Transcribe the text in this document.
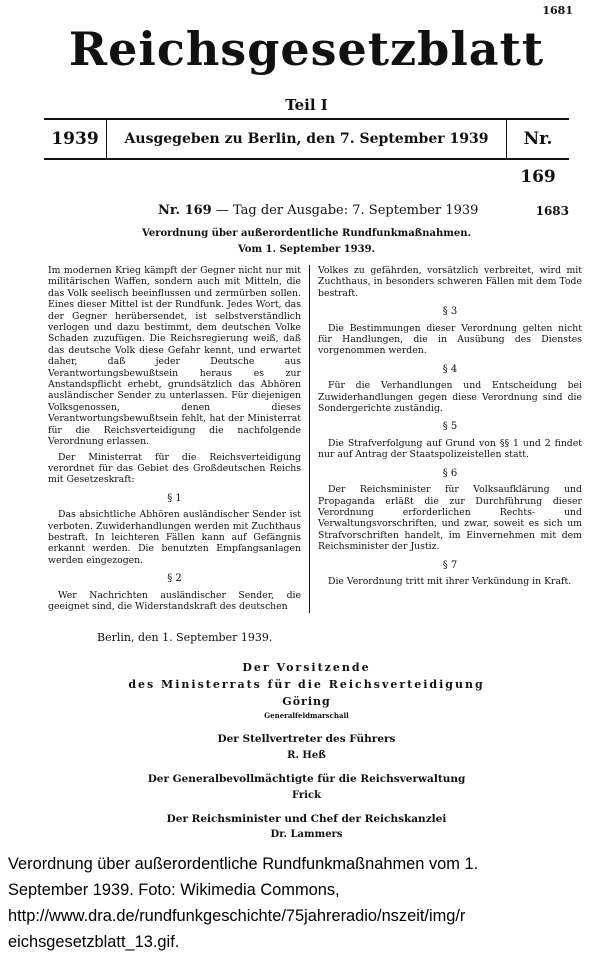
1681
Reichsgesetzblatt
Teil I
1939	Ausgegeben zu Berlin, den 7. September 1939	Nr. 169
Nr. 169 — Tag der Ausgabe: 7. September 1939	1683
Verordnung über außerordentliche Rundfunkmaßnahmen.
Vom 1. September 1939.

Im modernen Krieg kämpft der Gegner nicht nur mit militärischen Waffen, sondern auch mit Mitteln, die das Volk seelisch beeinflussen und zermürben sollen. Eines dieser Mittel ist der Rundfunk. Jedes Wort, das der Gegner herübersendet, ist selbstverständlich verlogen und dazu bestimmt, dem deutschen Volke Schaden zuzufügen. Die Reichsregierung weiß, daß das deutsche Volk diese Gefahr kennt, und erwartet daher, daß jeder Deutsche aus Verantwortungsbewußtsein heraus es zur Anstandspflicht erhebt, grundsätzlich das Abhören ausländischer Sender zu unterlassen. Für diejenigen Volksgenossen, denen dieses Verantwortungsbewußtsein fehlt, hat der Ministerrat für die Reichsverteidigung die nachfolgende Verordnung erlassen.

Der Ministerrat für die Reichsverteidigung verordnet für das Gebiet des Großdeutschen Reichs mit Gesetzeskraft:

§ 1

Das absichtliche Abhören ausländischer Sender ist verboten. Zuwiderhandlungen werden mit Zuchthaus bestraft. In leichteren Fällen kann auf Gefängnis erkannt werden. Die benutzten Empfangsanlagen werden eingezogen.

§ 2

Wer Nachrichten ausländischer Sender, die geeignet sind, die Widerstandskraft des deutschen

Volkes zu gefährden, vorsätzlich verbreitet, wird mit Zuchthaus, in besonders schweren Fällen mit dem Tode bestraft.

§ 3

Die Bestimmungen dieser Verordnung gelten nicht für Handlungen, die in Ausübung des Dienstes vorgenommen werden.

§ 4

Für die Verhandlungen und Entscheidung bei Zuwiderhandlungen gegen diese Verordnung sind die Sondergerichte zuständig.

§ 5

Die Strafverfolgung auf Grund von §§ 1 und 2 findet nur auf Antrag der Staatspolizeistellen statt.

§ 6

Der Reichsminister für Volksaufklärung und Propaganda erläßt die zur Durchführung dieser Verordnung erforderlichen Rechts- und Verwaltungsvorschriften, und zwar, soweit es sich um Strafvorschriften handelt, im Einvernehmen mit dem Reichsminister der Justiz.

§ 7

Die Verordnung tritt mit ihrer Verkündung in Kraft.

Berlin, den 1. September 1939.
Der Vorsitzende
des Ministerrats für die Reichsverteidigung
Göring
Generalfeldmarschall
Der Stellvertreter des Führers
R. Heß
Der Generalbevollmächtigte für die Reichsverwaltung
Frick
Der Reichsminister und Chef der Reichskanzlei
Dr. Lammers
Verordnung über außerordentliche Rundfunkmaßnahmen vom 1.
September 1939. Foto: Wikimedia Commons,
http://www.dra.de/rundfunkgeschichte/75jahreradio/nszeit/img/r
eichsgesetzblatt_13.gif.
